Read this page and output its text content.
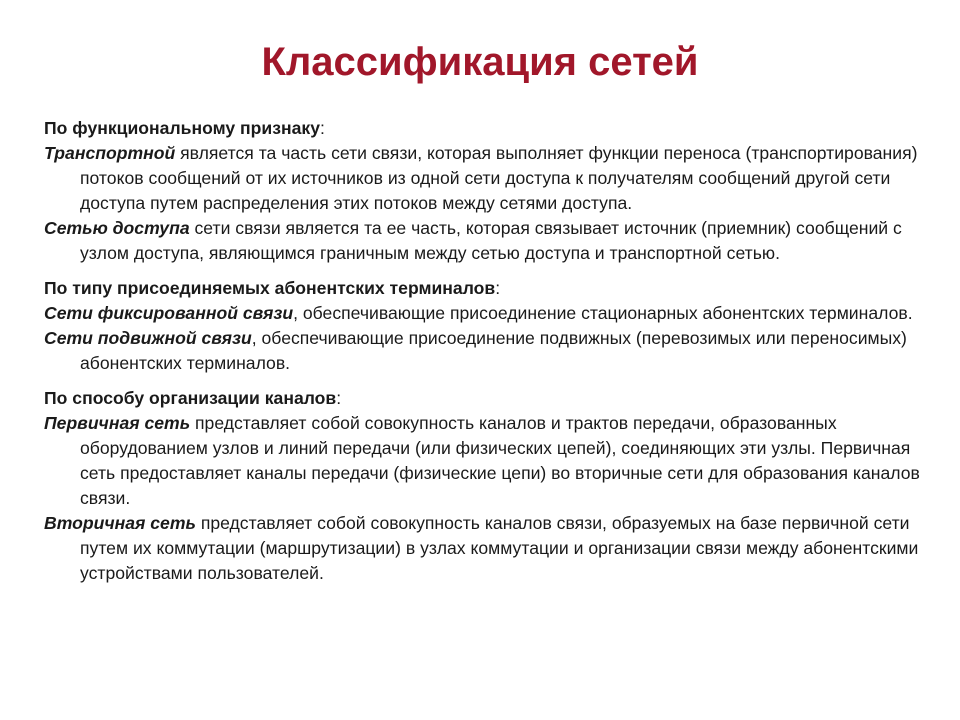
Классификация сетей

По функциональному признаку:

Транспортной является та часть сети связи, которая выполняет функции переноса (транспортирования) потоков сообщений от их источников из одной сети доступа к получателям сообщений другой сети доступа путем распределения этих потоков между сетями доступа.

Сетью доступа сети связи является та ее часть, которая связывает источник (приемник) сообщений с узлом доступа, являющимся граничным между сетью доступа и транспортной сетью.

По типу присоединяемых абонентских терминалов:

Сети фиксированной связи, обеспечивающие присоединение стационарных абонентских терминалов.

Сети подвижной связи, обеспечивающие присоединение подвижных (перевозимых или переносимых) абонентских терминалов.

По способу организации каналов:

Первичная сеть представляет собой совокупность каналов и трактов передачи, образованных оборудованием узлов и линий передачи (или физических цепей), соединяющих эти узлы. Первичная сеть предоставляет каналы передачи (физические цепи) во вторичные сети для образования каналов связи.

Вторичная сеть представляет собой совокупность каналов связи, образуемых на базе первичной сети путем их коммутации (маршрутизации) в узлах коммутации и организации связи между абонентскими устройствами пользователей.
